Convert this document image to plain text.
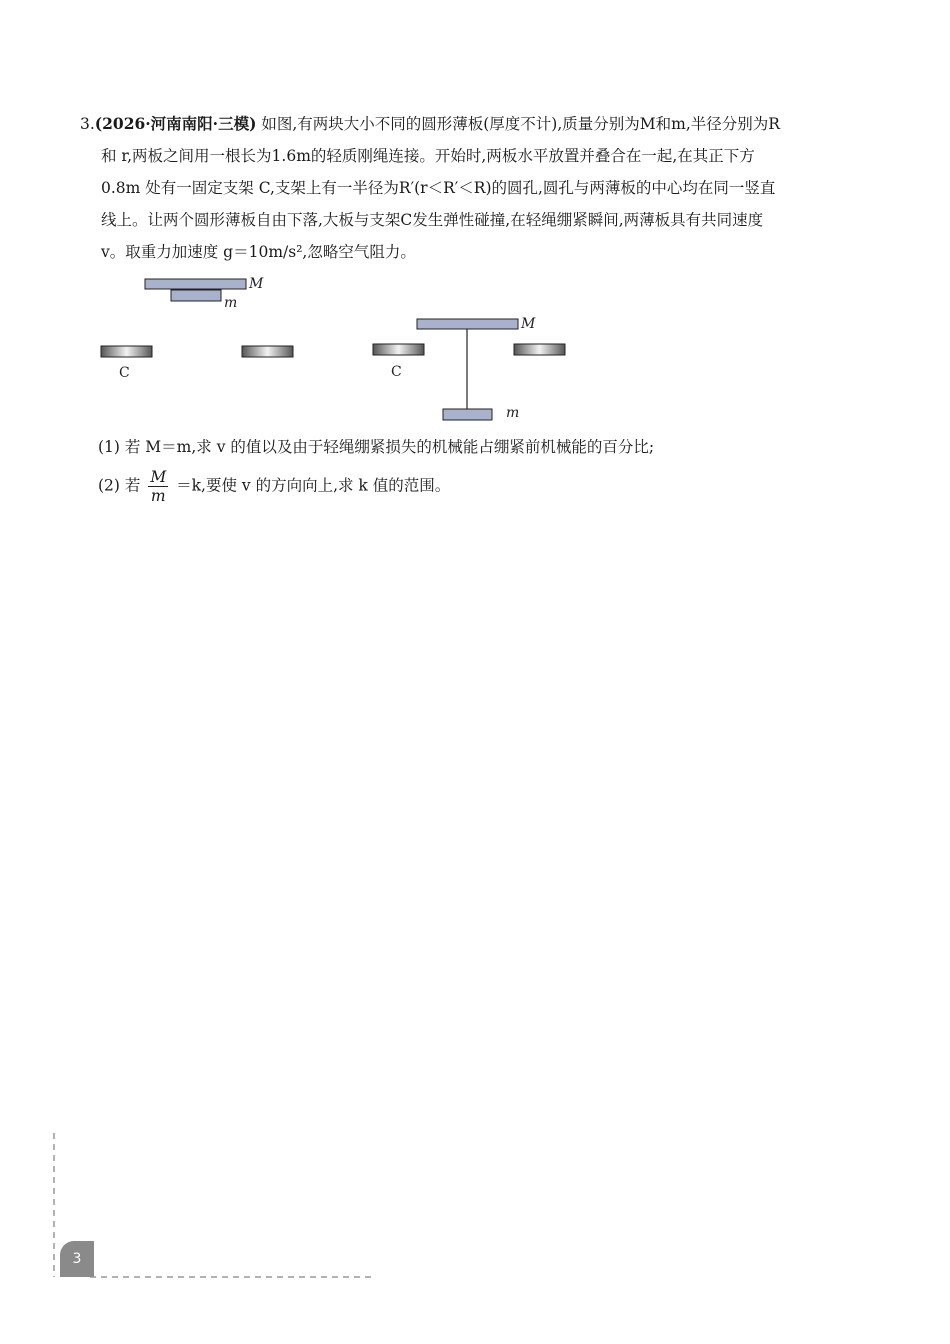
3.(2026·河南南阳·三模) 如图,有两块大小不同的圆形薄板(厚度不计),质量分别为M和m,半径分别为R
和 r,两板之间用一根长为1.6m的轻质刚绳连接。开始时,两板水平放置并叠合在一起,在其正下方
0.8m 处有一固定支架 C,支架上有一半径为R′(r＜R′＜R)的圆孔,圆孔与两薄板的中心均在同一竖直
线上。让两个圆形薄板自由下落,大板与支架C发生弹性碰撞,在轻绳绷紧瞬间,两薄板具有共同速度
v。取重力加速度 g＝10m/s²,忽略空气阻力。
M
m
C
M
C
m
(1) 若 M＝m,求 v 的值以及由于轻绳绷紧损失的机械能占绷紧前机械能的百分比;
(2) 若 $\frac{M}{m} =k$,要使 v 的方向向上,求 k 值的范围。
3
